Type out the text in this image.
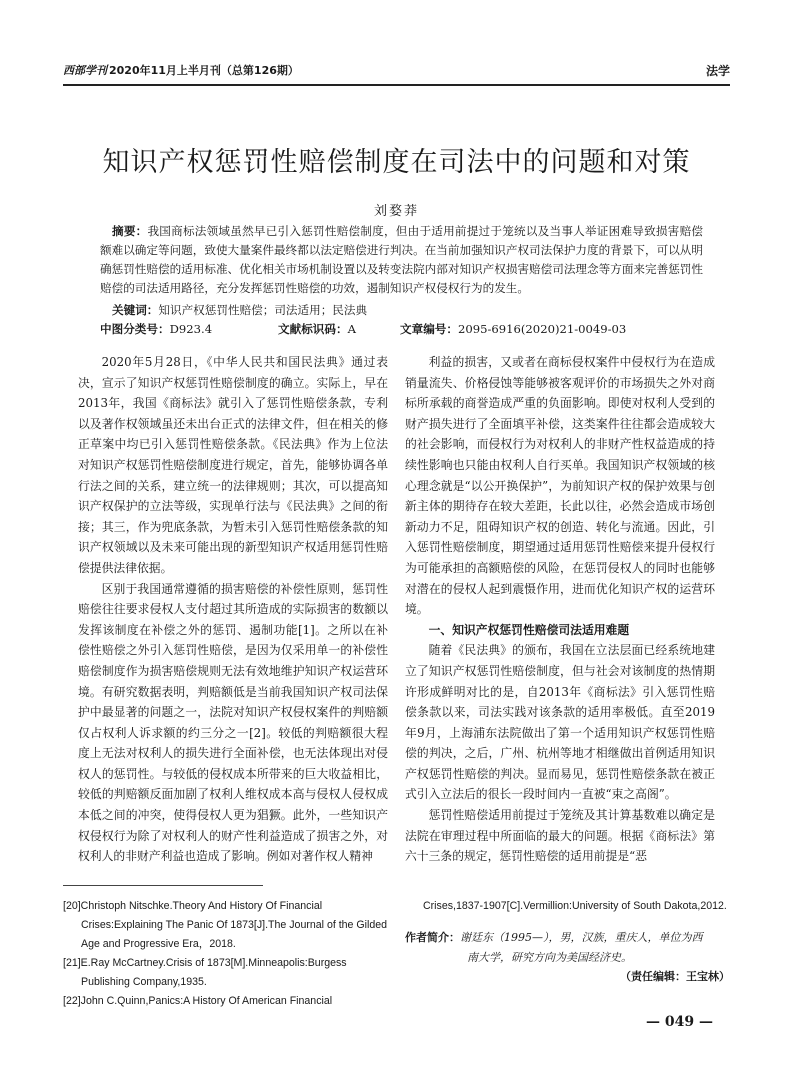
西部学刊 2020年11月上半月刊（总第126期）	法学
知识产权惩罚性赔偿制度在司法中的问题和对策
刘婺莽
摘要：我国商标法领域虽然早已引入惩罚性赔偿制度，但由于适用前提过于笼统以及当事人举证困难导致损害赔偿额难以确定等问题，致使大量案件最终都以法定赔偿进行判决。在当前加强知识产权司法保护力度的背景下，可以从明确惩罚性赔偿的适用标准、优化相关市场机制设置以及转变法院内部对知识产权损害赔偿司法理念等方面来完善惩罚性赔偿的司法适用路径，充分发挥惩罚性赔偿的功效，遏制知识产权侵权行为的发生。
关键词：知识产权惩罚性赔偿；司法适用；民法典
中图分类号：D923.4	文献标识码：A	文章编号：2095-6916(2020)21-0049-03

2020年5月28日，《中华人民共和国民法典》通过表决，宣示了知识产权惩罚性赔偿制度的确立。实际上，早在2013年，我国《商标法》就引入了惩罚性赔偿条款，专利以及著作权领域虽还未出台正式的法律文件，但在相关的修正草案中均已引入惩罚性赔偿条款。《民法典》作为上位法对知识产权惩罚性赔偿制度进行规定，首先，能够协调各单行法之间的关系，建立统一的法律规则；其次，可以提高知识产权保护的立法等级，实现单行法与《民法典》之间的衔接；其三，作为兜底条款，为暂未引入惩罚性赔偿条款的知识产权领域以及未来可能出现的新型知识产权适用惩罚性赔偿提供法律依据。

区别于我国通常遵循的损害赔偿的补偿性原则，惩罚性赔偿往往要求侵权人支付超过其所造成的实际损害的数额以发挥该制度在补偿之外的惩罚、遏制功能[1]。之所以在补偿性赔偿之外引入惩罚性赔偿，是因为仅采用单一的补偿性赔偿制度作为损害赔偿规则无法有效地维护知识产权运营环境。有研究数据表明，判赔额低是当前我国知识产权司法保护中最显著的问题之一，法院对知识产权侵权案件的判赔额仅占权利人诉求额的约三分之一[2]。较低的判赔额很大程度上无法对权利人的损失进行全面补偿，也无法体现出对侵权人的惩罚性。与较低的侵权成本所带来的巨大收益相比，较低的判赔额反面加剧了权利人维权成本高与侵权人侵权成本低之间的冲突，使得侵权人更为猖獗。此外，一些知识产权侵权行为除了对权利人的财产性利益造成了损害之外，对权利人的非财产利益也造成了影响。例如对著作权人精神

利益的损害，又或者在商标侵权案件中侵权行为在造成销量流失、价格侵蚀等能够被客观评价的市场损失之外对商标所承载的商誉造成严重的负面影响。即使对权利人受到的财产损失进行了全面填平补偿，这类案件往往都会造成较大的社会影响，而侵权行为对权利人的非财产性权益造成的持续性影响也只能由权利人自行买单。我国知识产权领域的核心理念就是“以公开换保护”，为前知识产权的保护效果与创新主体的期待存在较大差距，长此以往，必然会造成市场创新动力不足，阻碍知识产权的创造、转化与流通。因此，引入惩罚性赔偿制度，期望通过适用惩罚性赔偿来提升侵权行为可能承担的高额赔偿的风险，在惩罚侵权人的同时也能够对潜在的侵权人起到震慑作用，进而优化知识产权的运营环境。

一、知识产权惩罚性赔偿司法适用难题

随着《民法典》的颁布，我国在立法层面已经系统地建立了知识产权惩罚性赔偿制度，但与社会对该制度的热情期许形成鲜明对比的是，自2013年《商标法》引入惩罚性赔偿条款以来，司法实践对该条款的适用率极低。直至2019年9月，上海浦东法院做出了第一个适用知识产权惩罚性赔偿的判决，之后，广州、杭州等地才相继做出首例适用知识产权惩罚性赔偿的判决。显而易见，惩罚性赔偿条款在被正式引入立法后的很长一段时间内一直被“束之高阁”。

惩罚性赔偿适用前提过于笼统及其计算基数难以确定是法院在审理过程中所面临的最大的问题。根据《商标法》第六十三条的规定，惩罚性赔偿的适用前提是“恶

[20]Christoph Nitschke.Theory And History Of Financial
Crises:Explaining The Panic Of 1873[J].The Journal of the Gilded Age and Progressive Era，2018.
[21]E.Ray McCartney.Crisis of 1873[M].Minneapolis:Burgess
Publishing Company,1935.
[22]John C.Quinn,Panics:A History Of American Financial
Crises,1837-1907[C].Vermillion:University of South Dakota,2012.
作者简介：谢廷东（1995—），男，汉族，重庆人，单位为西
南大学，研究方向为美国经济史。
（责任编辑：王宝林）
— 049 —
